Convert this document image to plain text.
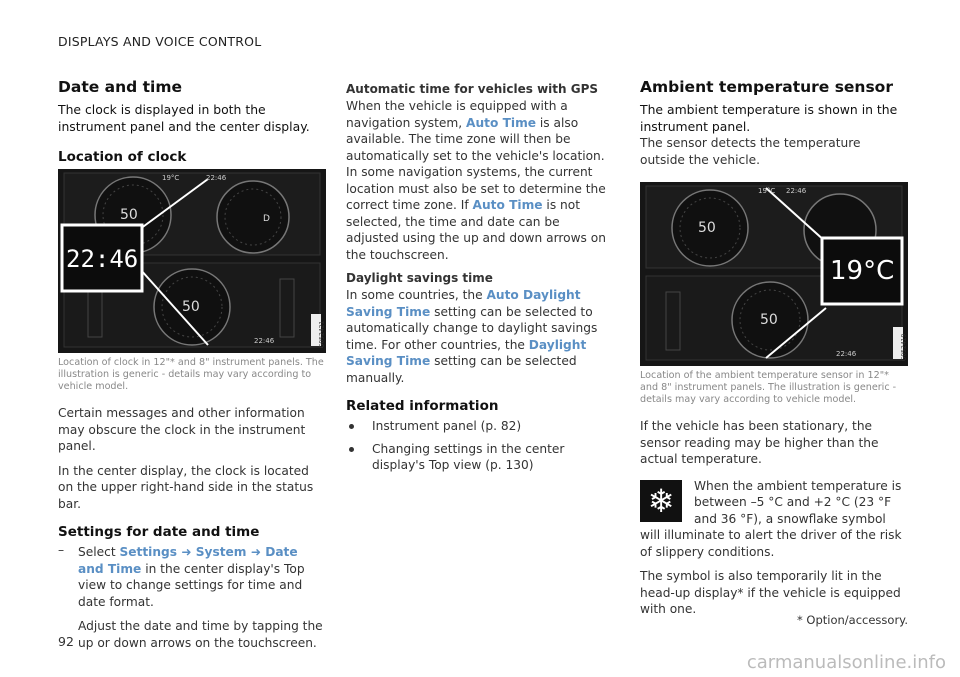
DISPLAYS AND VOICE CONTROL
Date and time

The clock is displayed in both the instrument panel and the center display.

Location of clock
D
22:46
50
50
22:46
19°C
22:46	G052421

Location of clock in 12"* and 8" instrument panels. The illustration is generic - details may vary according to vehicle model.

Certain messages and other information may obscure the clock in the instrument panel.

In the center display, the clock is located on the upper right-hand side in the status bar.

Settings for date and time
– Select Settings ➜ System ➜ Date and Time in the center display's Top view to change settings for time and date format.

Adjust the date and time by tapping the up or down arrows on the touchscreen.

Automatic time for vehicles with GPS

When the vehicle is equipped with a navigation system, Auto Time is also available. The time zone will then be automatically set to the vehicle's location. In some navigation systems, the current location must also be set to determine the correct time zone. If Auto Time is not selected, the time and date can be adjusted using the up and down arrows on the touchscreen.

Daylight savings time

In some countries, the Auto Daylight Saving Time setting can be selected to automatically change to daylight savings time. For other countries, the Daylight Saving Time setting can be selected manually.

Related information
Instrument panel (p. 82)
Changing settings in the center display's Top view (p. 130)
Ambient temperature sensor

The ambient temperature is shown in the instrument panel.

The sensor detects the temperature outside the vehicle.

19°C
50
50
22:46
19°C
22:46	G052419

Location of the ambient temperature sensor in 12"* and 8" instrument panels. The illustration is generic - details may vary according to vehicle model.

If the vehicle has been stationary, the sensor reading may be higher than the actual temperature.

❄	When the ambient temperature is between –5 °C and +2 °C (23 °F and 36 °F), a snowflake symbol will illuminate to alert the driver of the risk of slippery conditions.

The symbol is also temporarily lit in the head-up display* if the vehicle is equipped with one.

* Option/accessory.
92
carmanualsonline.info
